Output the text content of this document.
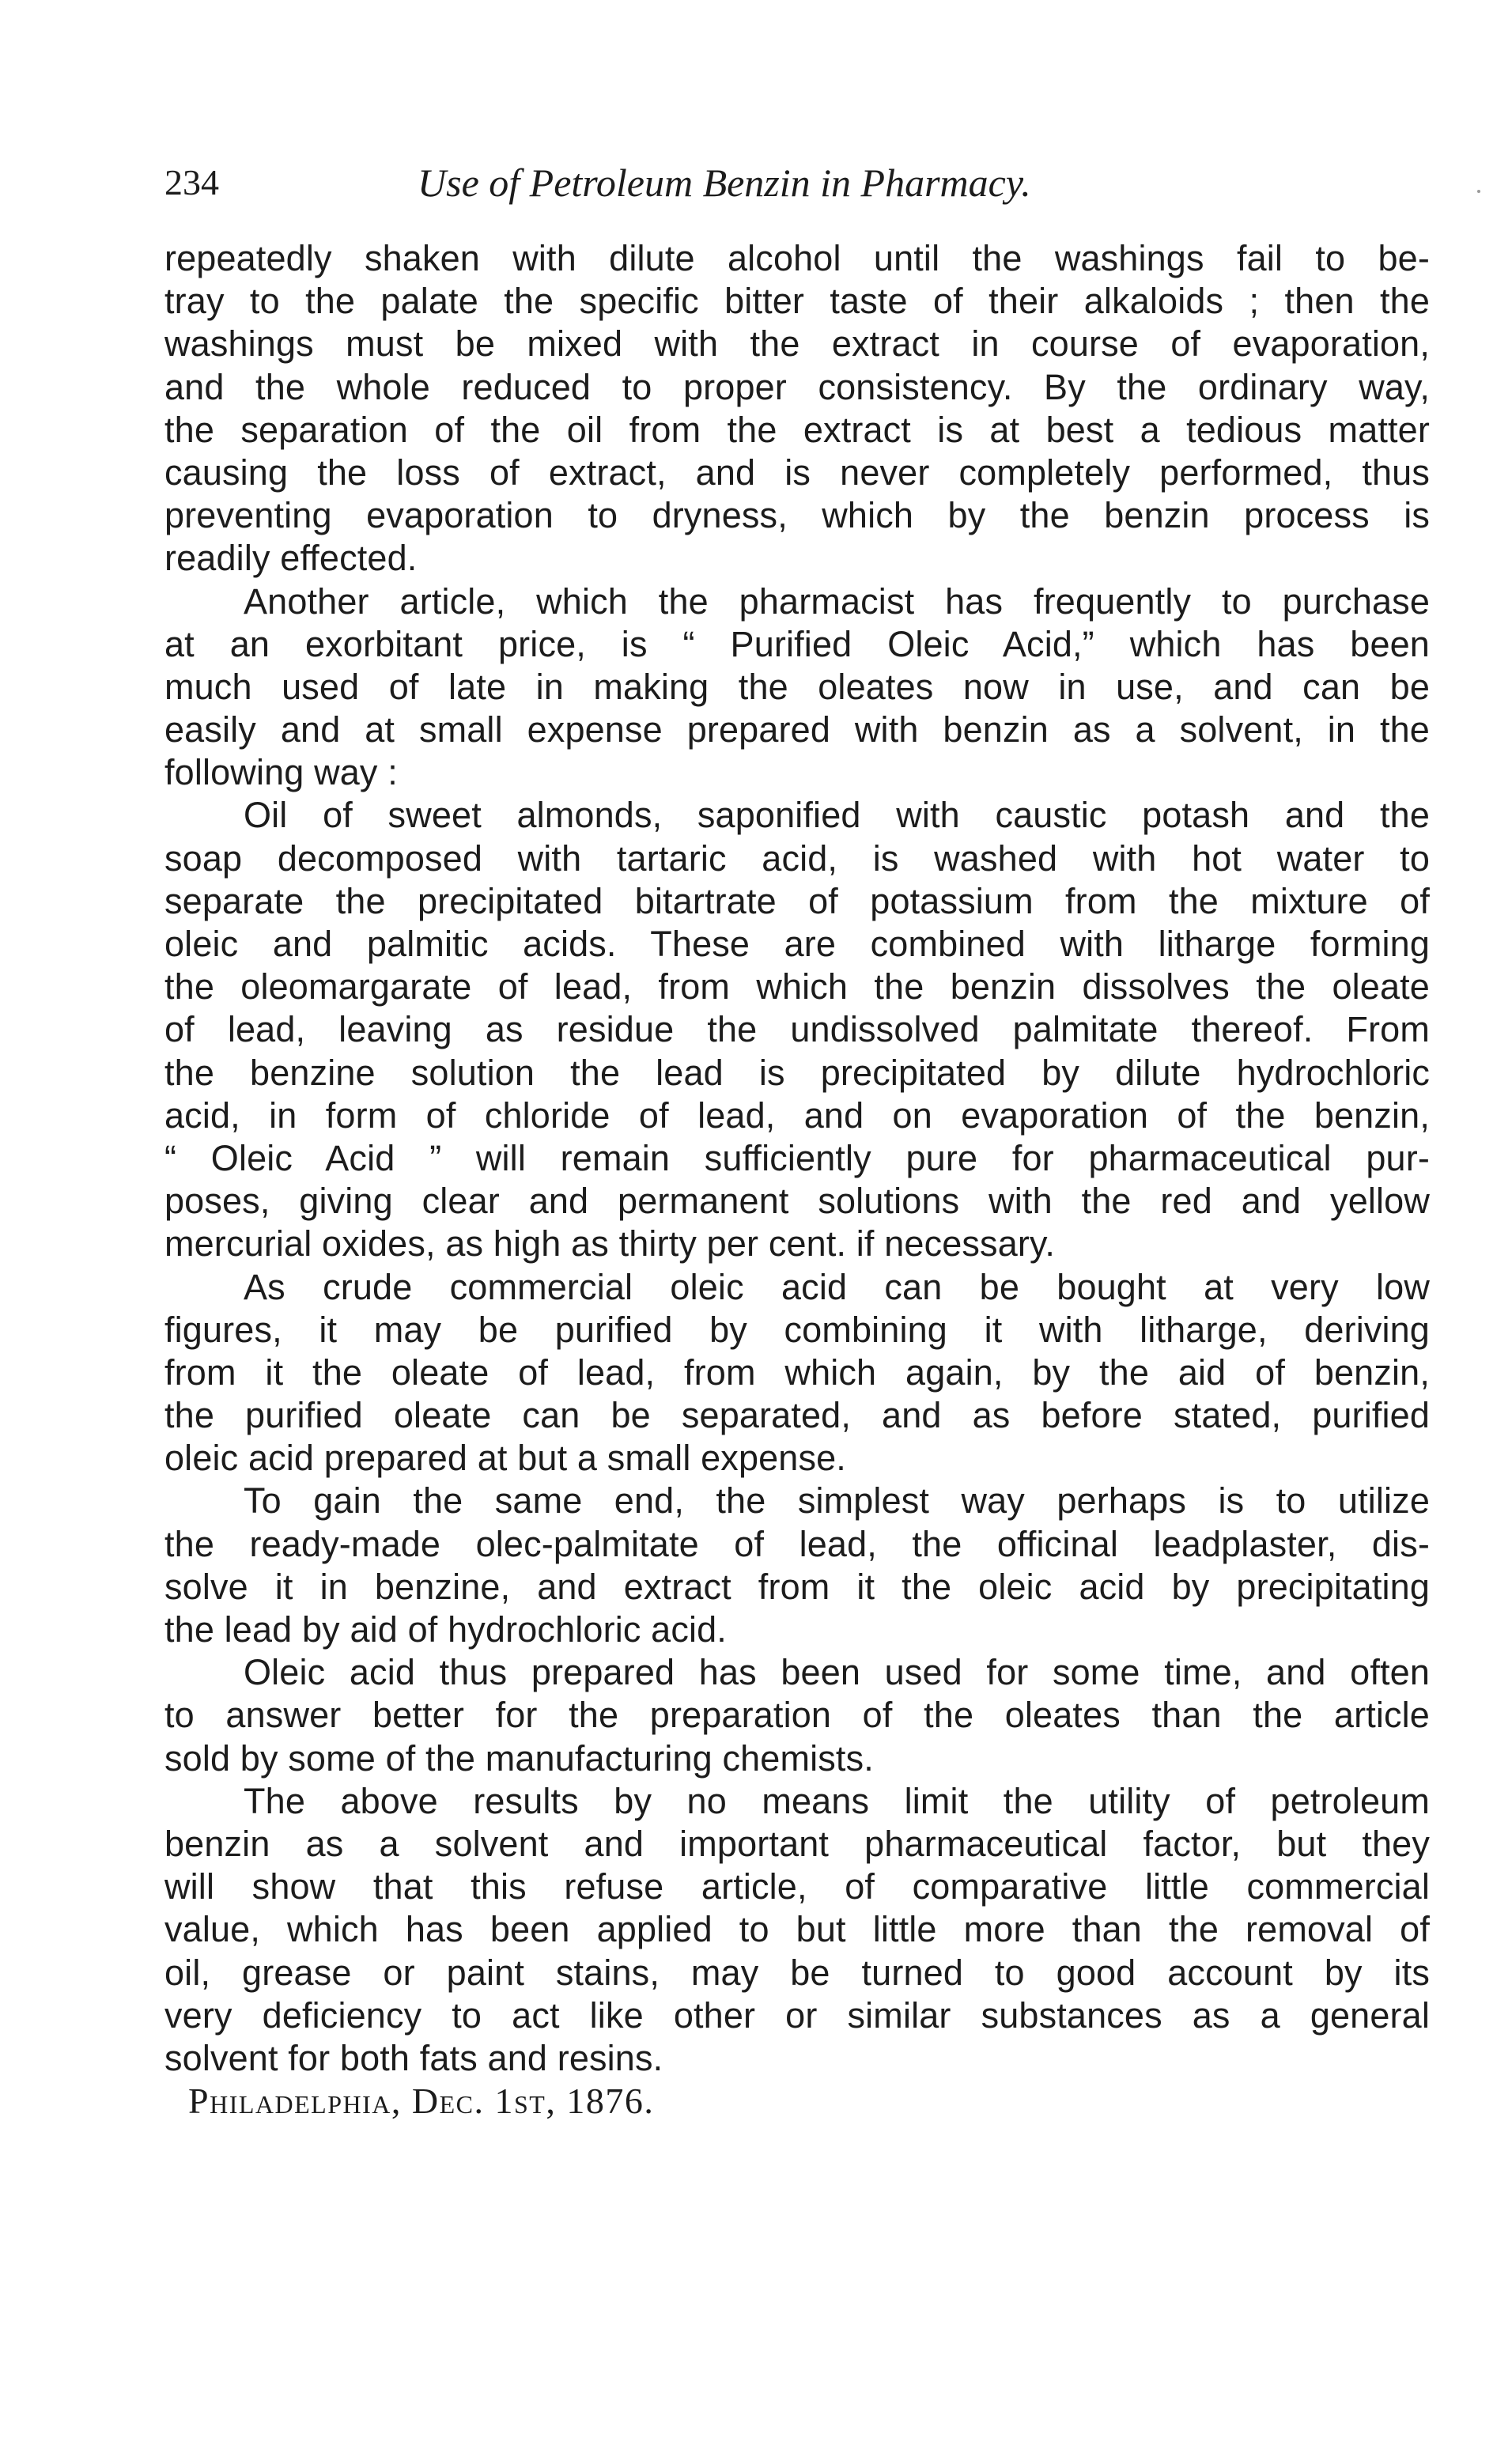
234	Use of Petroleum Benzin in Pharmacy.
repeatedly shaken with dilute alcohol until the washings fail to be-
tray to the palate the specific bitter taste of their alkaloids ; then the
washings must be mixed with the extract in course of evaporation,
and the whole reduced to proper consistency. By the ordinary way,
the separation of the oil from the extract is at best a tedious matter
causing the loss of extract, and is never completely performed, thus
preventing evaporation to dryness, which by the benzin process is
readily effected.
Another article, which the pharmacist has frequently to purchase
at an exorbitant price, is “ Purified Oleic Acid,” which has been
much used of late in making the oleates now in use, and can be
easily and at small expense prepared with benzin as a solvent, in the
following way :
Oil of sweet almonds, saponified with caustic potash and the
soap decomposed with tartaric acid, is washed with hot water to
separate the precipitated bitartrate of potassium from the mixture of
oleic and palmitic acids. These are combined with litharge forming
the oleomargarate of lead, from which the benzin dissolves the oleate
of lead, leaving as residue the undissolved palmitate thereof. From
the benzine solution the lead is precipitated by dilute hydrochloric
acid, in form of chloride of lead, and on evaporation of the benzin,
“ Oleic Acid ” will remain sufficiently pure for pharmaceutical pur-
poses, giving clear and permanent solutions with the red and yellow
mercurial oxides, as high as thirty per cent. if necessary.
As crude commercial oleic acid can be bought at very low
figures, it may be purified by combining it with litharge, deriving
from it the oleate of lead, from which again, by the aid of benzin,
the purified oleate can be separated, and as before stated, purified
oleic acid prepared at but a small expense.
To gain the same end, the simplest way perhaps is to utilize
the ready-made olec-palmitate of lead, the officinal leadplaster, dis-
solve it in benzine, and extract from it the oleic acid by precipitating
the lead by aid of hydrochloric acid.
Oleic acid thus prepared has been used for some time, and often
to answer better for the preparation of the oleates than the article
sold by some of the manufacturing chemists.
The above results by no means limit the utility of petroleum
benzin as a solvent and important pharmaceutical factor, but they
will show that this refuse article, of comparative little commercial
value, which has been applied to but little more than the removal of
oil, grease or paint stains, may be turned to good account by its
very deficiency to act like other or similar substances as a general
solvent for both fats and resins.
Philadelphia, Dec. 1st, 1876.
